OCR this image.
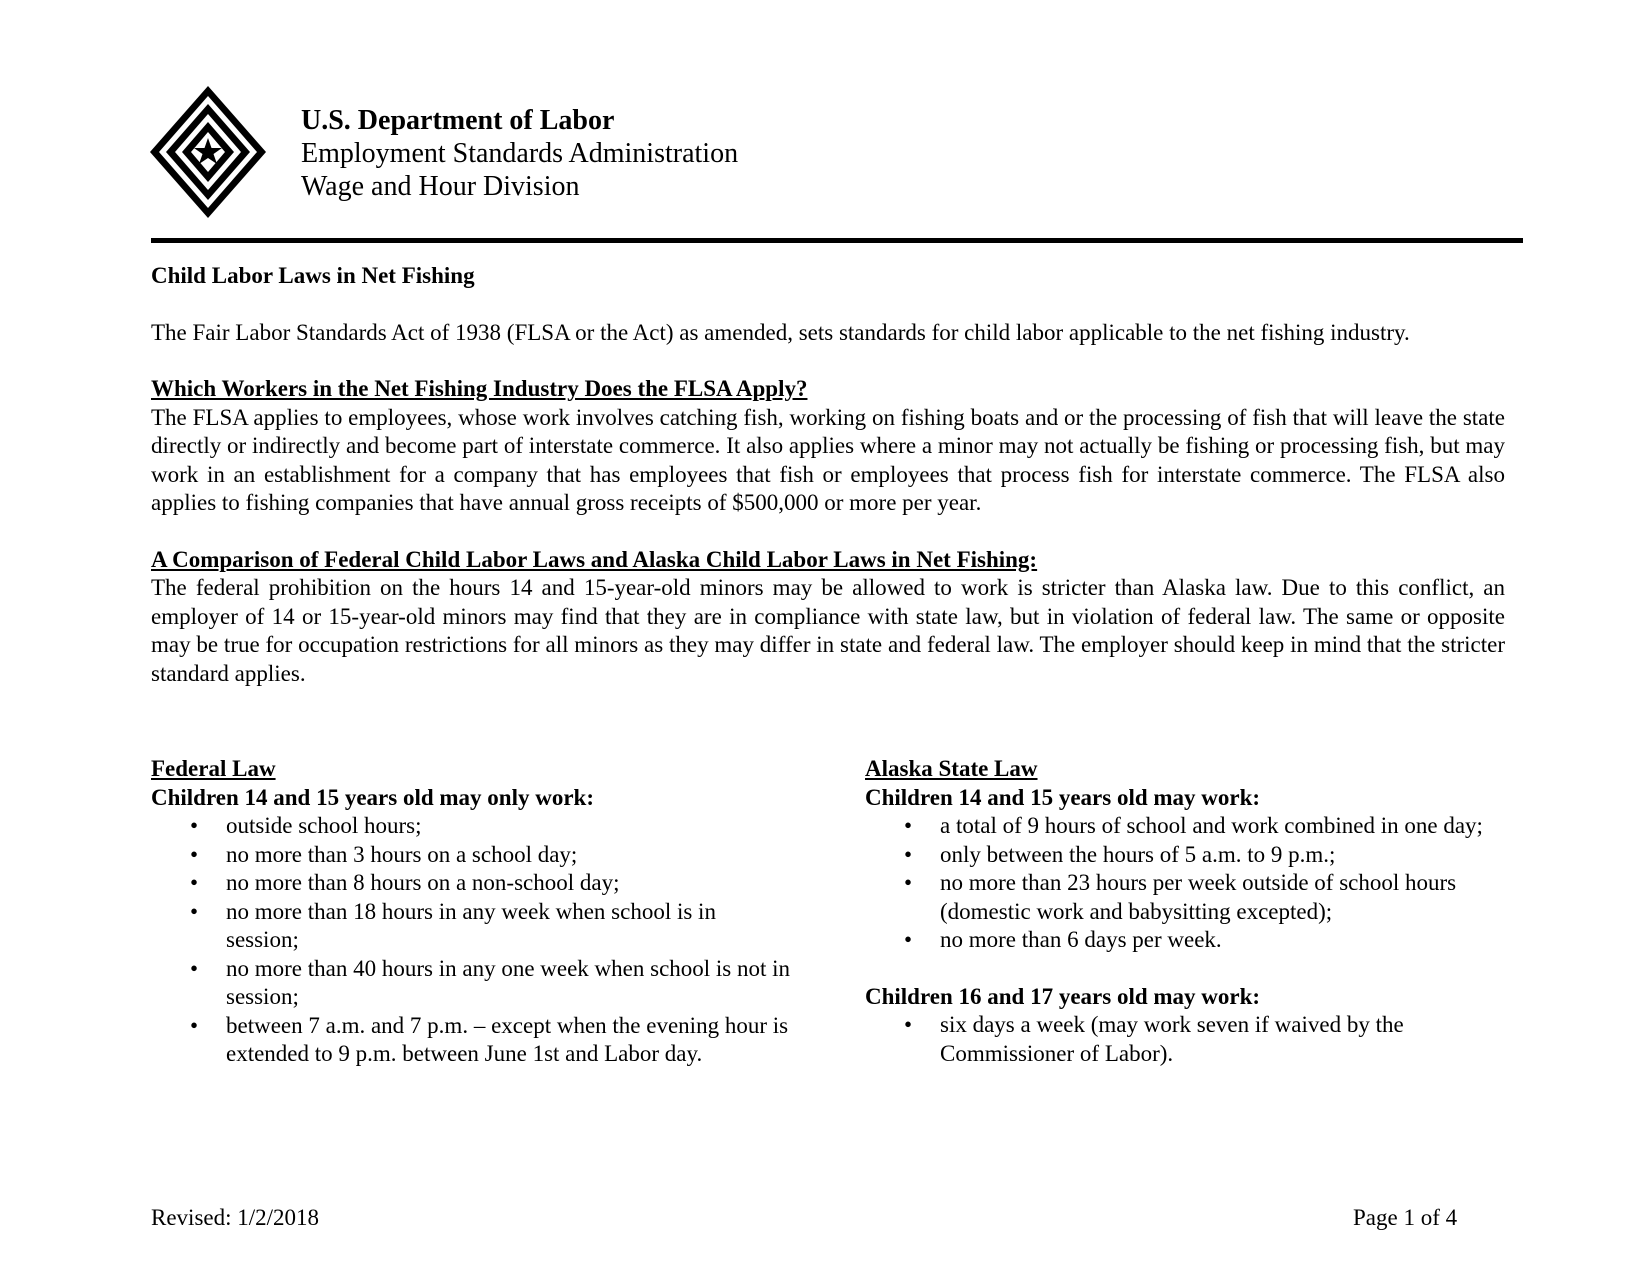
U.S. Department of Labor
Employment Standards Administration
Wage and Hour Division

Child Labor Laws in Net Fishing

The Fair Labor Standards Act of 1938 (FLSA or the Act) as amended, sets standards for child labor applicable to the net fishing industry.

Which Workers in the Net Fishing Industry Does the FLSA Apply?

The FLSA applies to employees, whose work involves catching fish, working on fishing boats and or the processing of fish that will leave the state directly or indirectly and become part of interstate commerce. It also applies where a minor may not actually be fishing or processing fish, but may work in an establishment for a company that has employees that fish or employees that process fish for interstate commerce. The FLSA also applies to fishing companies that have annual gross receipts of $500,000 or more per year.

A Comparison of Federal Child Labor Laws and Alaska Child Labor Laws in Net Fishing:

The federal prohibition on the hours 14 and 15-year-old minors may be allowed to work is stricter than Alaska law. Due to this conflict, an employer of 14 or 15-year-old minors may find that they are in compliance with state law, but in violation of federal law. The same or opposite may be true for occupation restrictions for all minors as they may differ in state and federal law. The employer should keep in mind that the stricter standard applies.

Federal Law
Children 14 and 15 years old may only work:
• outside school hours;
• no more than 3 hours on a school day;
• no more than 8 hours on a non-school day;
• no more than 18 hours in any week when school is in session;
• no more than 40 hours in any one week when school is not in session;
• between 7 a.m. and 7 p.m. – except when the evening hour is extended to 9 p.m. between June 1st and Labor day.
Alaska State Law
Children 14 and 15 years old may work:
• a total of 9 hours of school and work combined in one day;
• only between the hours of 5 a.m. to 9 p.m.;
• no more than 23 hours per week outside of school hours (domestic work and babysitting excepted);
• no more than 6 days per week.
Children 16 and 17 years old may work:
• six days a week (may work seven if waived by the Commissioner of Labor).
Revised: 1/2/2018	Page 1 of 4
